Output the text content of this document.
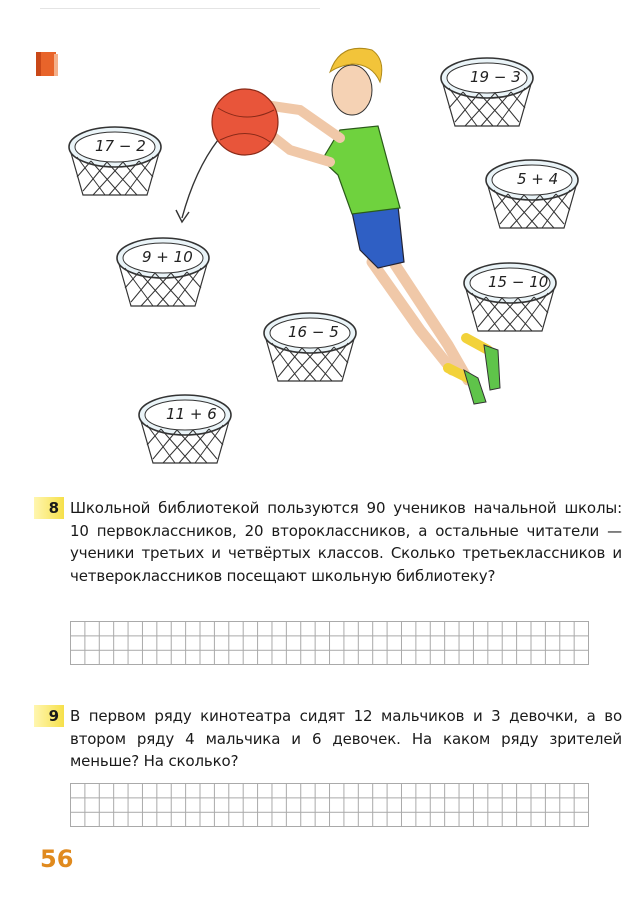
19 − 3
17 − 2
5 + 4
9 + 10
15 − 10
16 − 5
11 + 6
8 Школьной библиотекой пользуются 90 учеников начальной школы: 10 первоклассников, 20 второклассников, а остальные читатели — ученики третьих и четвёртых классов. Сколько третьеклассников и четвероклассников посещают школьную библиотеку?
9 В первом ряду кинотеатра сидят 12 мальчиков и 3 девочки, а во втором ряду 4 мальчика и 6 девочек. На каком ряду зрителей меньше? На сколько?
56
